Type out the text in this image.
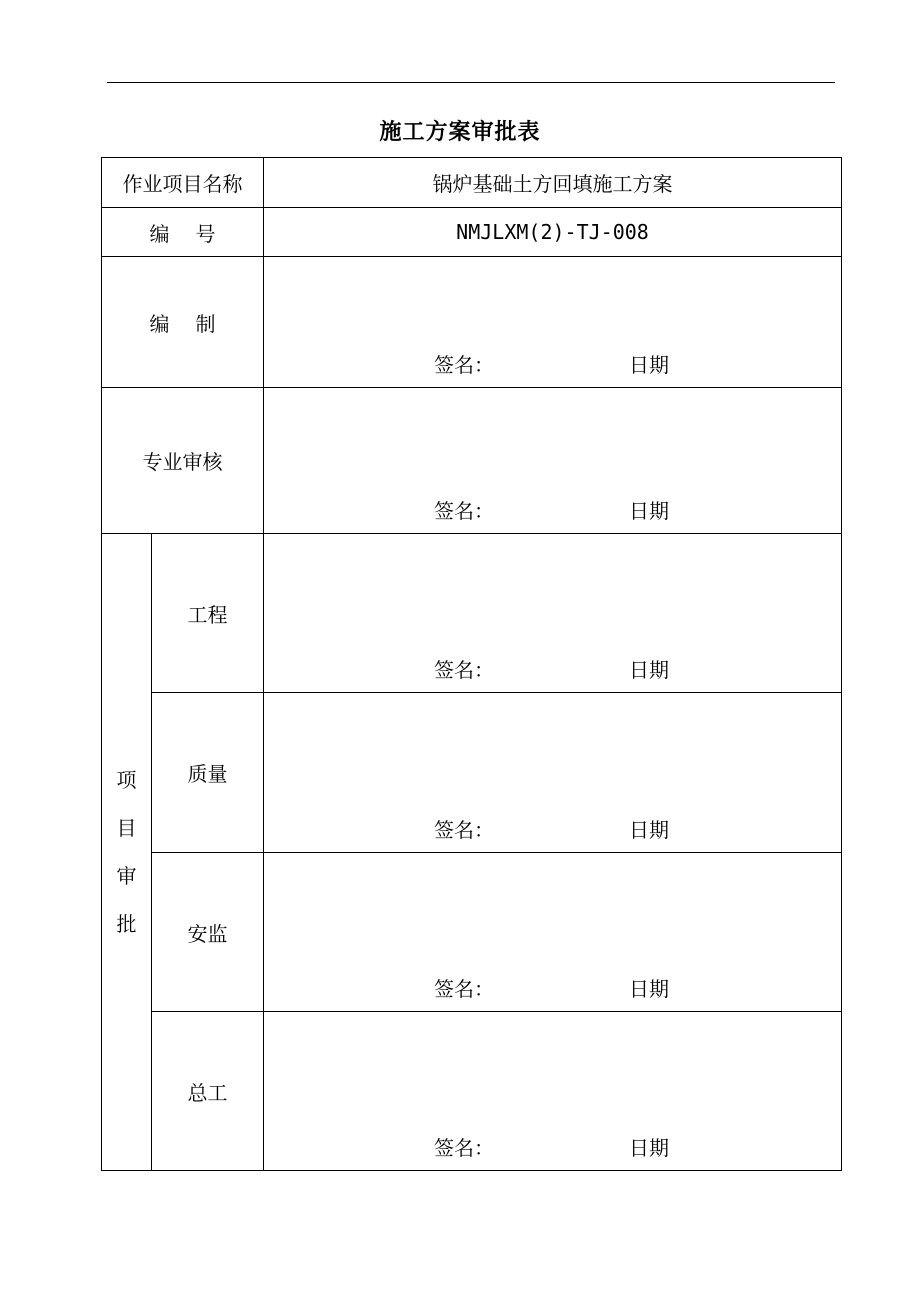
施工方案审批表
作业项目名称		锅炉基础土方回填施工方案
编 号		NMJLXM(2)-TJ-008
编 制		签名： 日期

专业审核		签名： 日期

项
目
审
批	工程	签名： 日期

	质量	签名： 日期

	安监	签名： 日期

	总工	签名： 日期
